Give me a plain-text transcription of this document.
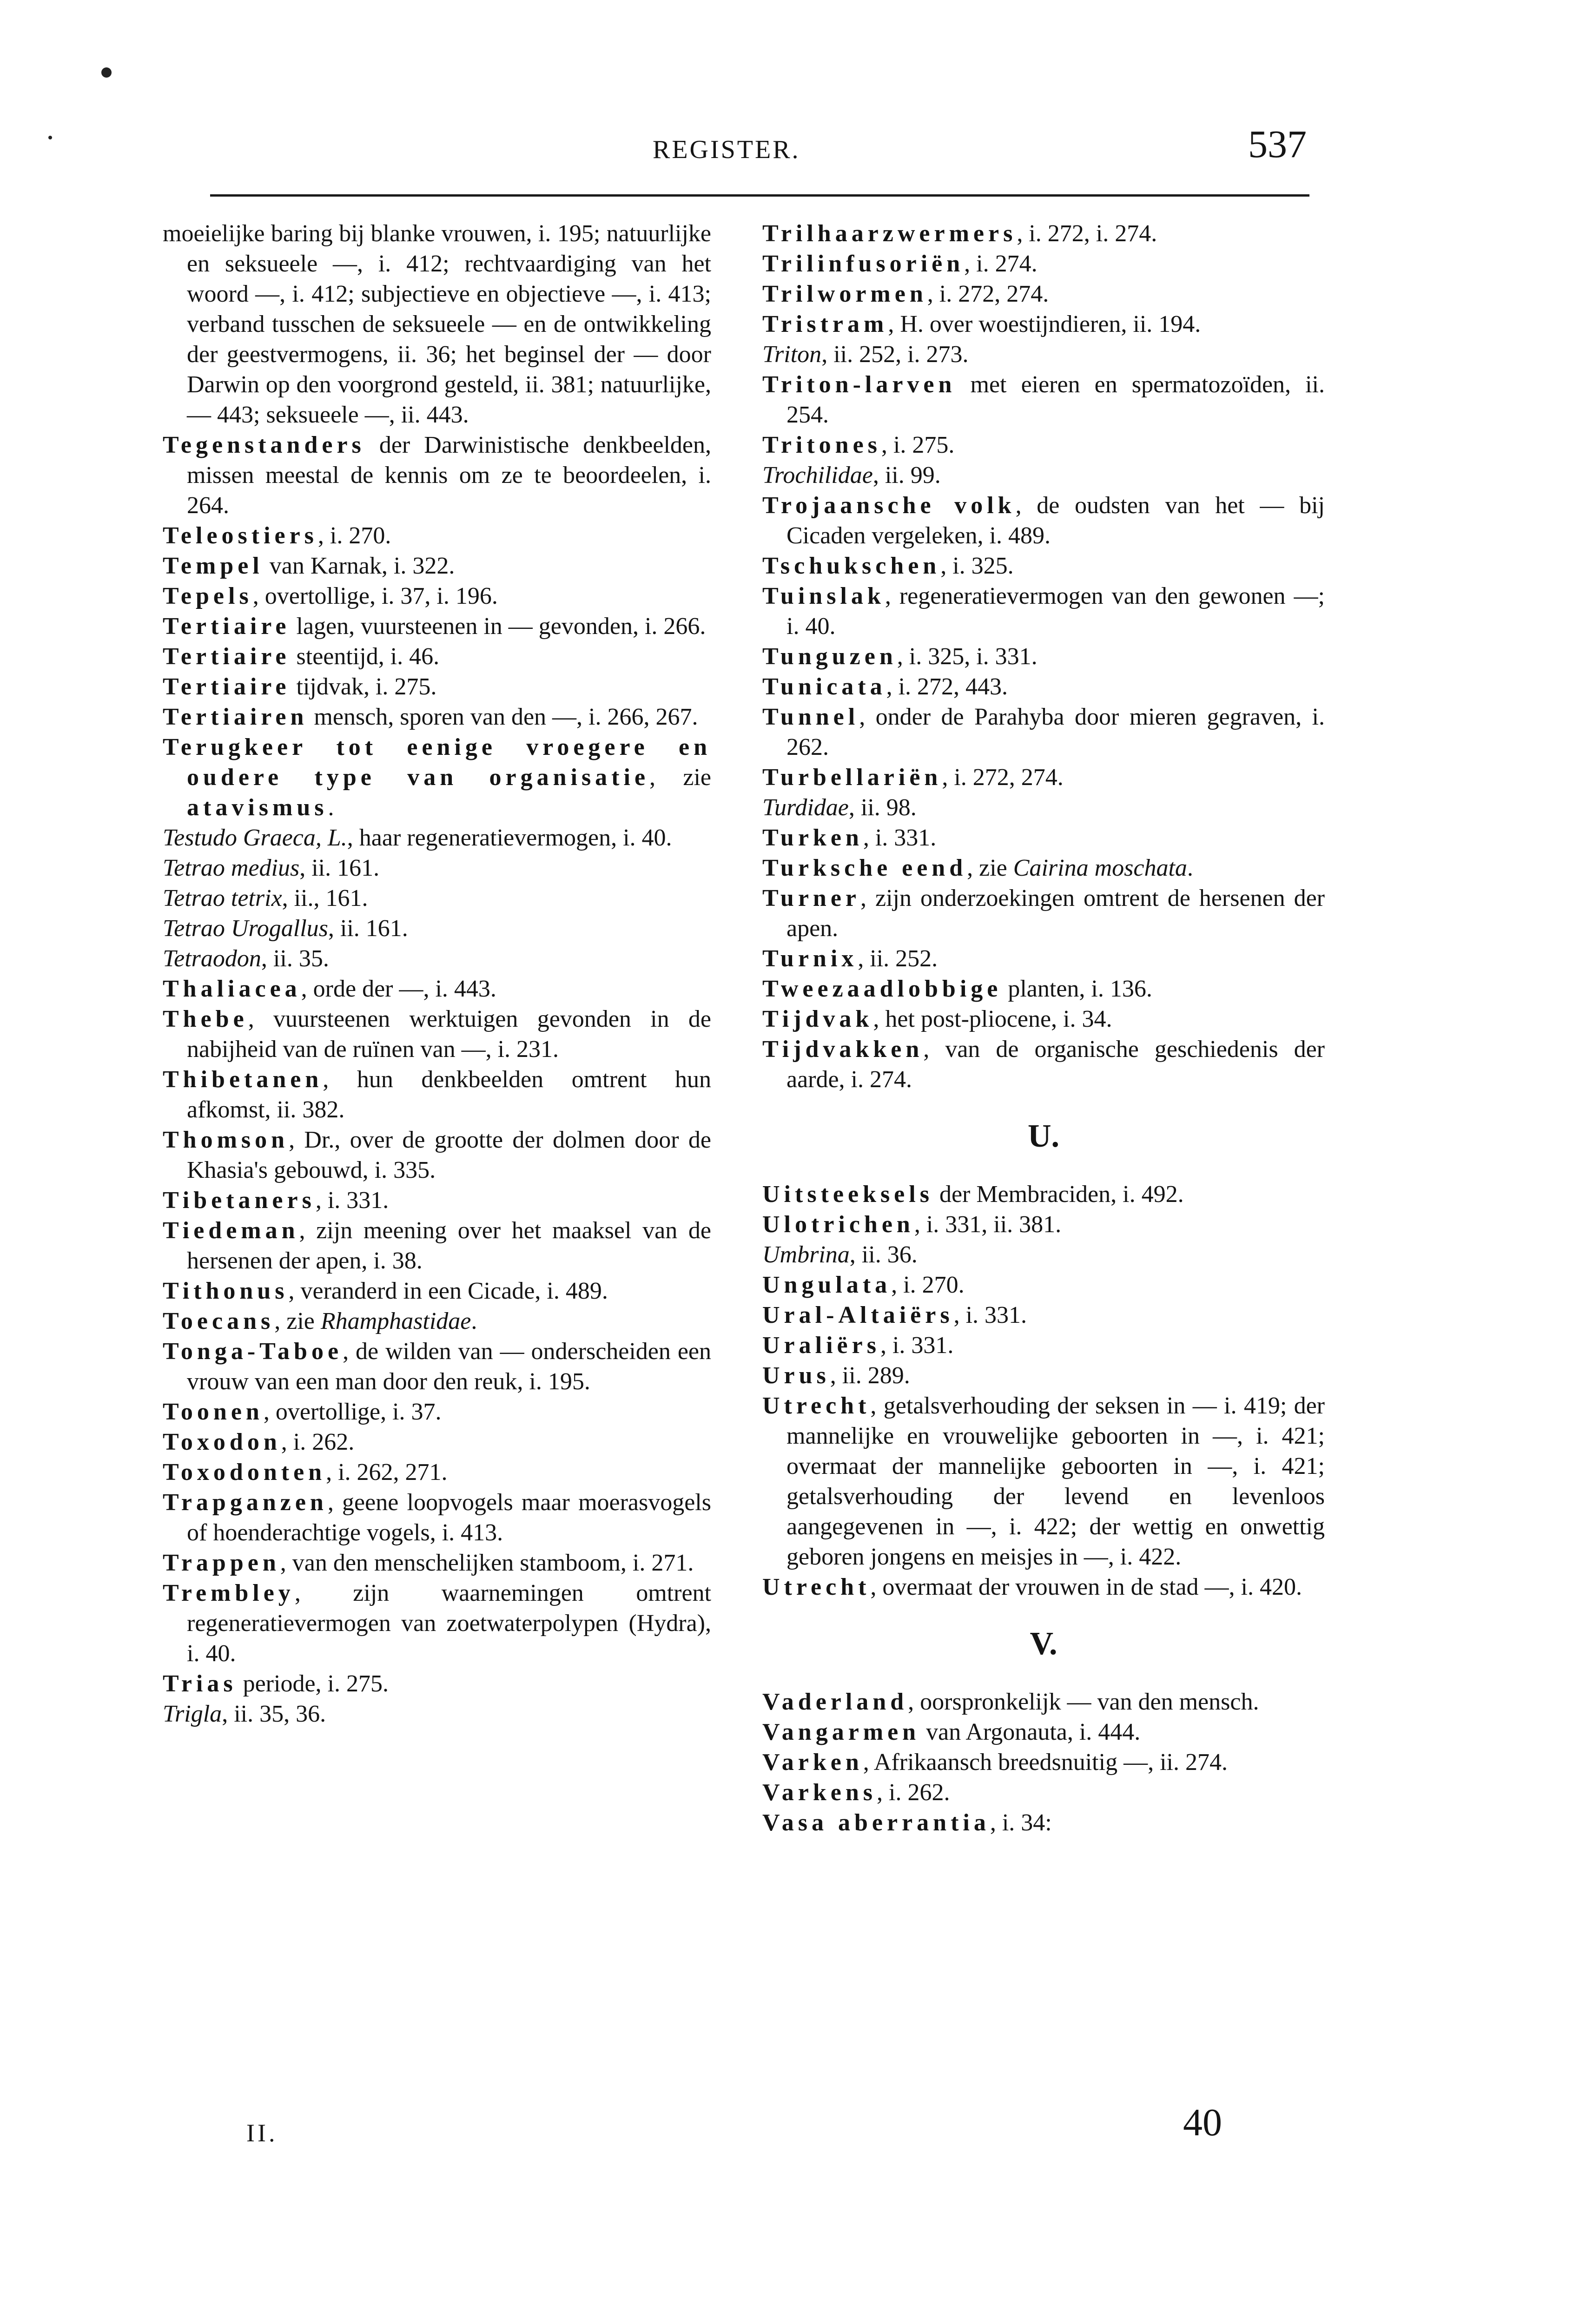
REGISTER.	537
moeielijke baring bij blanke vrouwen, i. 195; natuurlijke en seksueele —, i. 412; rechtvaardiging van het woord —, i. 412; subjectieve en objectieve —, i. 413; verband tusschen de seksueele — en de ontwikkeling der geestvermogens, ii. 36; het beginsel der — door Darwin op den voorgrond gesteld, ii. 381; natuurlijke, — 443; seksueele —, ii. 443.
Tegenstanders der Darwinistische denkbeelden, missen meestal de kennis om ze te beoordeelen, i. 264.
Teleostiers, i. 270.
Tempel van Karnak, i. 322.
Tepels, overtollige, i. 37, i. 196.
Tertiaire lagen, vuursteenen in — gevonden, i. 266.
Tertiaire steentijd, i. 46.
Tertiaire tijdvak, i. 275.
Tertiairen mensch, sporen van den —, i. 266, 267.
Terugkeer tot eenige vroegere en oudere type van organisatie, zie atavismus.
Testudo Graeca, L., haar regeneratievermogen, i. 40.
Tetrao medius, ii. 161.
Tetrao tetrix, ii., 161.
Tetrao Urogallus, ii. 161.
Tetraodon, ii. 35.
Thaliacea, orde der —, i. 443.
Thebe, vuursteenen werktuigen gevonden in de nabijheid van de ruïnen van —, i. 231.
Thibetanen, hun denkbeelden omtrent hun afkomst, ii. 382.
Thomson, Dr., over de grootte der dolmen door de Khasia's gebouwd, i. 335.
Tibetaners, i. 331.
Tiedeman, zijn meening over het maaksel van de hersenen der apen, i. 38.
Tithonus, veranderd in een Cicade, i. 489.
Toecans, zie Rhamphastidae.
Tonga-Taboe, de wilden van — onderscheiden een vrouw van een man door den reuk, i. 195.
Toonen, overtollige, i. 37.
Toxodon, i. 262.
Toxodonten, i. 262, 271.
Trapganzen, geene loopvogels maar moerasvogels of hoenderachtige vogels, i. 413.
Trappen, van den menschelijken stamboom, i. 271.
Trembley, zijn waarnemingen omtrent regeneratievermogen van zoetwaterpolypen (Hydra), i. 40.
Trias periode, i. 275.
Trigla, ii. 35, 36.
Trilhaarzwermers, i. 272, i. 274.
Trilinfusoriën, i. 274.
Trilwormen, i. 272, 274.
Tristram, H. over woestijndieren, ii. 194.
Triton, ii. 252, i. 273.
Triton-larven met eieren en spermatozoïden, ii. 254.
Tritones, i. 275.
Trochilidae, ii. 99.
Trojaansche volk, de oudsten van het — bij Cicaden vergeleken, i. 489.
Tschukschen, i. 325.
Tuinslak, regeneratievermogen van den gewonen —; i. 40.
Tunguzen, i. 325, i. 331.
Tunicata, i. 272, 443.
Tunnel, onder de Parahyba door mieren gegraven, i. 262.
Turbellariën, i. 272, 274.
Turdidae, ii. 98.
Turken, i. 331.
Turksche eend, zie Cairina moschata.
Turner, zijn onderzoekingen omtrent de hersenen der apen.
Turnix, ii. 252.
Tweezaadlobbige planten, i. 136.
Tijdvak, het post-pliocene, i. 34.
Tijdvakken, van de organische geschiedenis der aarde, i. 274.
U.
Uitsteeksels der Membraciden, i. 492.
Ulotrichen, i. 331, ii. 381.
Umbrina, ii. 36.
Ungulata, i. 270.
Ural-Altaiërs, i. 331.
Uraliërs, i. 331.
Urus, ii. 289.
Utrecht, getalsverhouding der seksen in — i. 419; der mannelijke en vrouwelijke geboorten in —, i. 421; overmaat der mannelijke geboorten in —, i. 421; getalsverhouding der levend en levenloos aangegevenen in —, i. 422; der wettig en onwettig geboren jongens en meisjes in —, i. 422.
Utrecht, overmaat der vrouwen in de stad —, i. 420.
V.
Vaderland, oorspronkelijk — van den mensch.
Vangarmen van Argonauta, i. 444.
Varken, Afrikaansch breedsnuitig —, ii. 274.
Varkens, i. 262.
Vasa aberrantia, i. 34:
II.	40
